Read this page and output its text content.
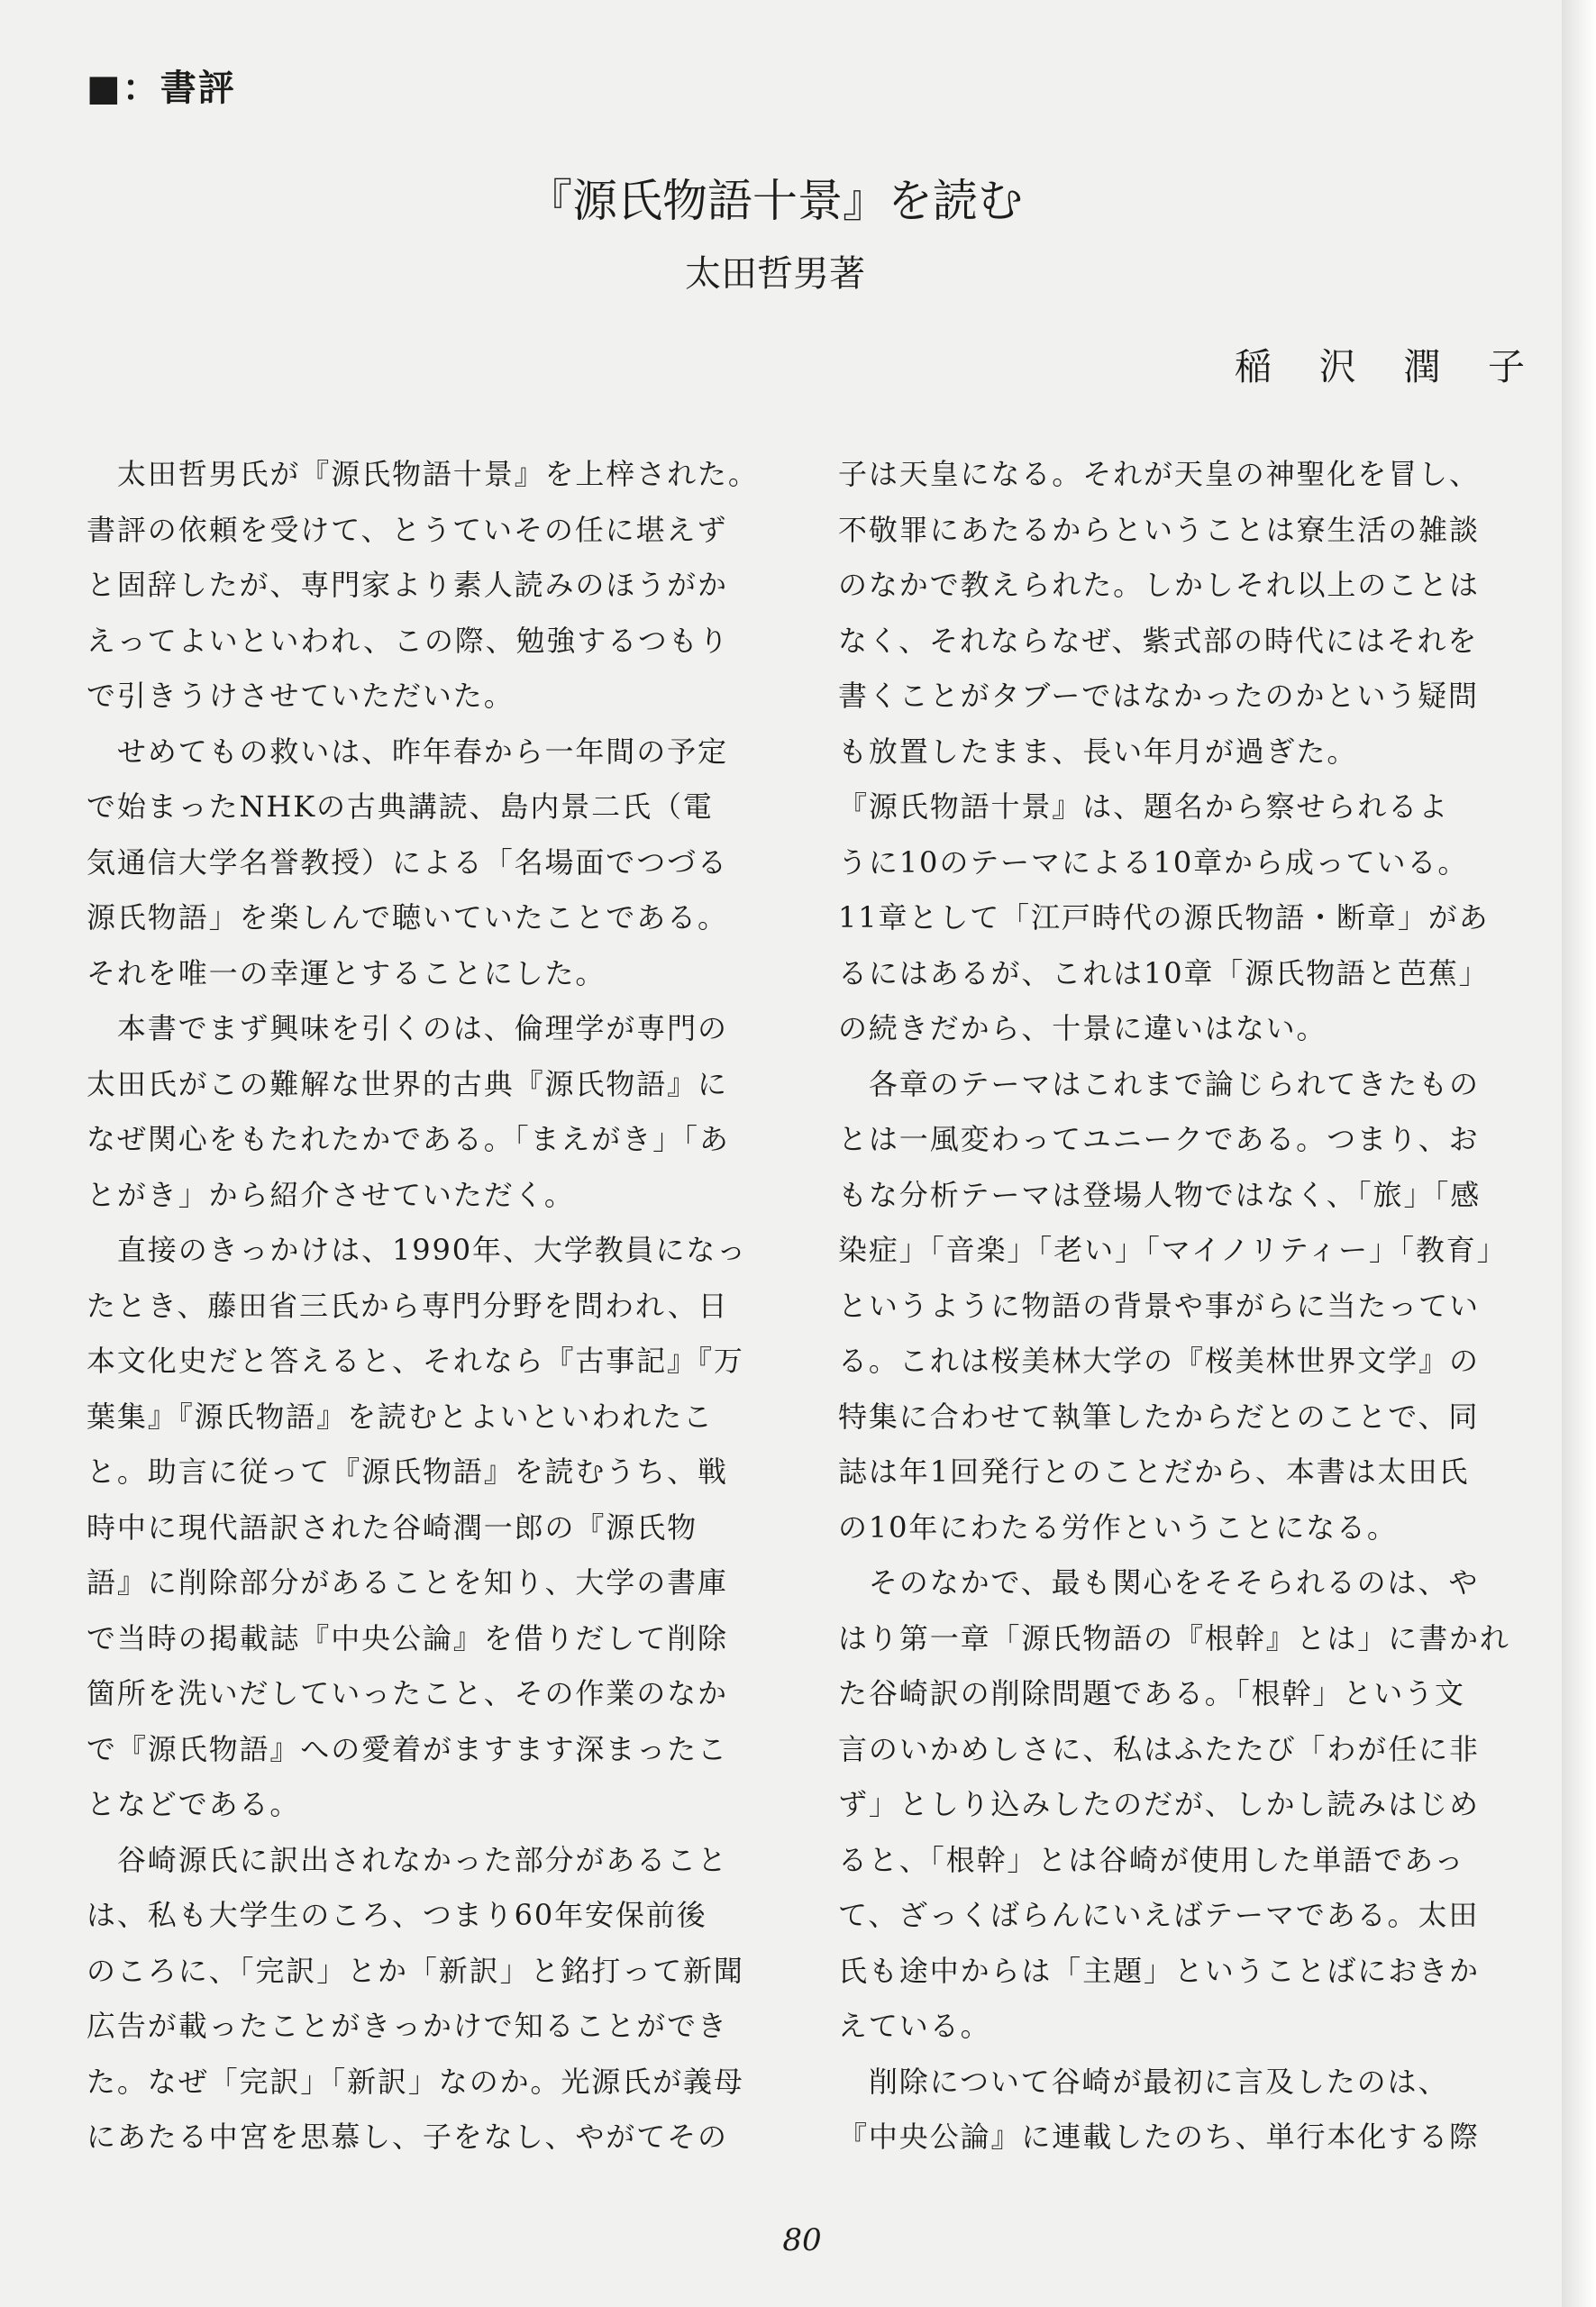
■：書評
『源氏物語十景』を読む
太田哲男著
稲 沢 潤 子
　太田哲男氏が『源氏物語十景』を上梓された。
書評の依頼を受けて、とうていその任に堪えず
と固辞したが、専門家より素人読みのほうがか
えってよいといわれ、この際、勉強するつもり
で引きうけさせていただいた。
　せめてもの救いは、昨年春から一年間の予定
で始まったNHKの古典講読、島内景二氏（電
気通信大学名誉教授）による「名場面でつづる
源氏物語」を楽しんで聴いていたことである。
それを唯一の幸運とすることにした。
　本書でまず興味を引くのは、倫理学が専門の
太田氏がこの難解な世界的古典『源氏物語』に
なぜ関心をもたれたかである。「まえがき」「あ
とがき」から紹介させていただく。
　直接のきっかけは、1990年、大学教員になっ
たとき、藤田省三氏から専門分野を問われ、日
本文化史だと答えると、それなら『古事記』『万
葉集』『源氏物語』を読むとよいといわれたこ
と。助言に従って『源氏物語』を読むうち、戦
時中に現代語訳された谷崎潤一郎の『源氏物
語』に削除部分があることを知り、大学の書庫
で当時の掲載誌『中央公論』を借りだして削除
箇所を洗いだしていったこと、その作業のなか
で『源氏物語』への愛着がますます深まったこ
となどである。
　谷崎源氏に訳出されなかった部分があること
は、私も大学生のころ、つまり60年安保前後
のころに、「完訳」とか「新訳」と銘打って新聞
広告が載ったことがきっかけで知ることができ
た。なぜ「完訳」「新訳」なのか。光源氏が義母
にあたる中宮を思慕し、子をなし、やがてその
子は天皇になる。それが天皇の神聖化を冒し、
不敬罪にあたるからということは寮生活の雑談
のなかで教えられた。しかしそれ以上のことは
なく、それならなぜ、紫式部の時代にはそれを
書くことがタブーではなかったのかという疑問
も放置したまま、長い年月が過ぎた。
『源氏物語十景』は、題名から察せられるよ
うに10のテーマによる10章から成っている。
11章として「江戸時代の源氏物語・断章」があ
るにはあるが、これは10章「源氏物語と芭蕉」
の続きだから、十景に違いはない。
　各章のテーマはこれまで論じられてきたもの
とは一風変わってユニークである。つまり、お
もな分析テーマは登場人物ではなく、「旅」「感
染症」「音楽」「老い」「マイノリティー」「教育」
というように物語の背景や事がらに当たってい
る。これは桜美林大学の『桜美林世界文学』の
特集に合わせて執筆したからだとのことで、同
誌は年1回発行とのことだから、本書は太田氏
の10年にわたる労作ということになる。
　そのなかで、最も関心をそそられるのは、や
はり第一章「源氏物語の『根幹』とは」に書かれ
た谷崎訳の削除問題である。「根幹」という文
言のいかめしさに、私はふたたび「わが任に非
ず」としり込みしたのだが、しかし読みはじめ
ると、「根幹」とは谷崎が使用した単語であっ
て、ざっくばらんにいえばテーマである。太田
氏も途中からは「主題」ということばにおきか
えている。
　削除について谷崎が最初に言及したのは、
『中央公論』に連載したのち、単行本化する際
80
